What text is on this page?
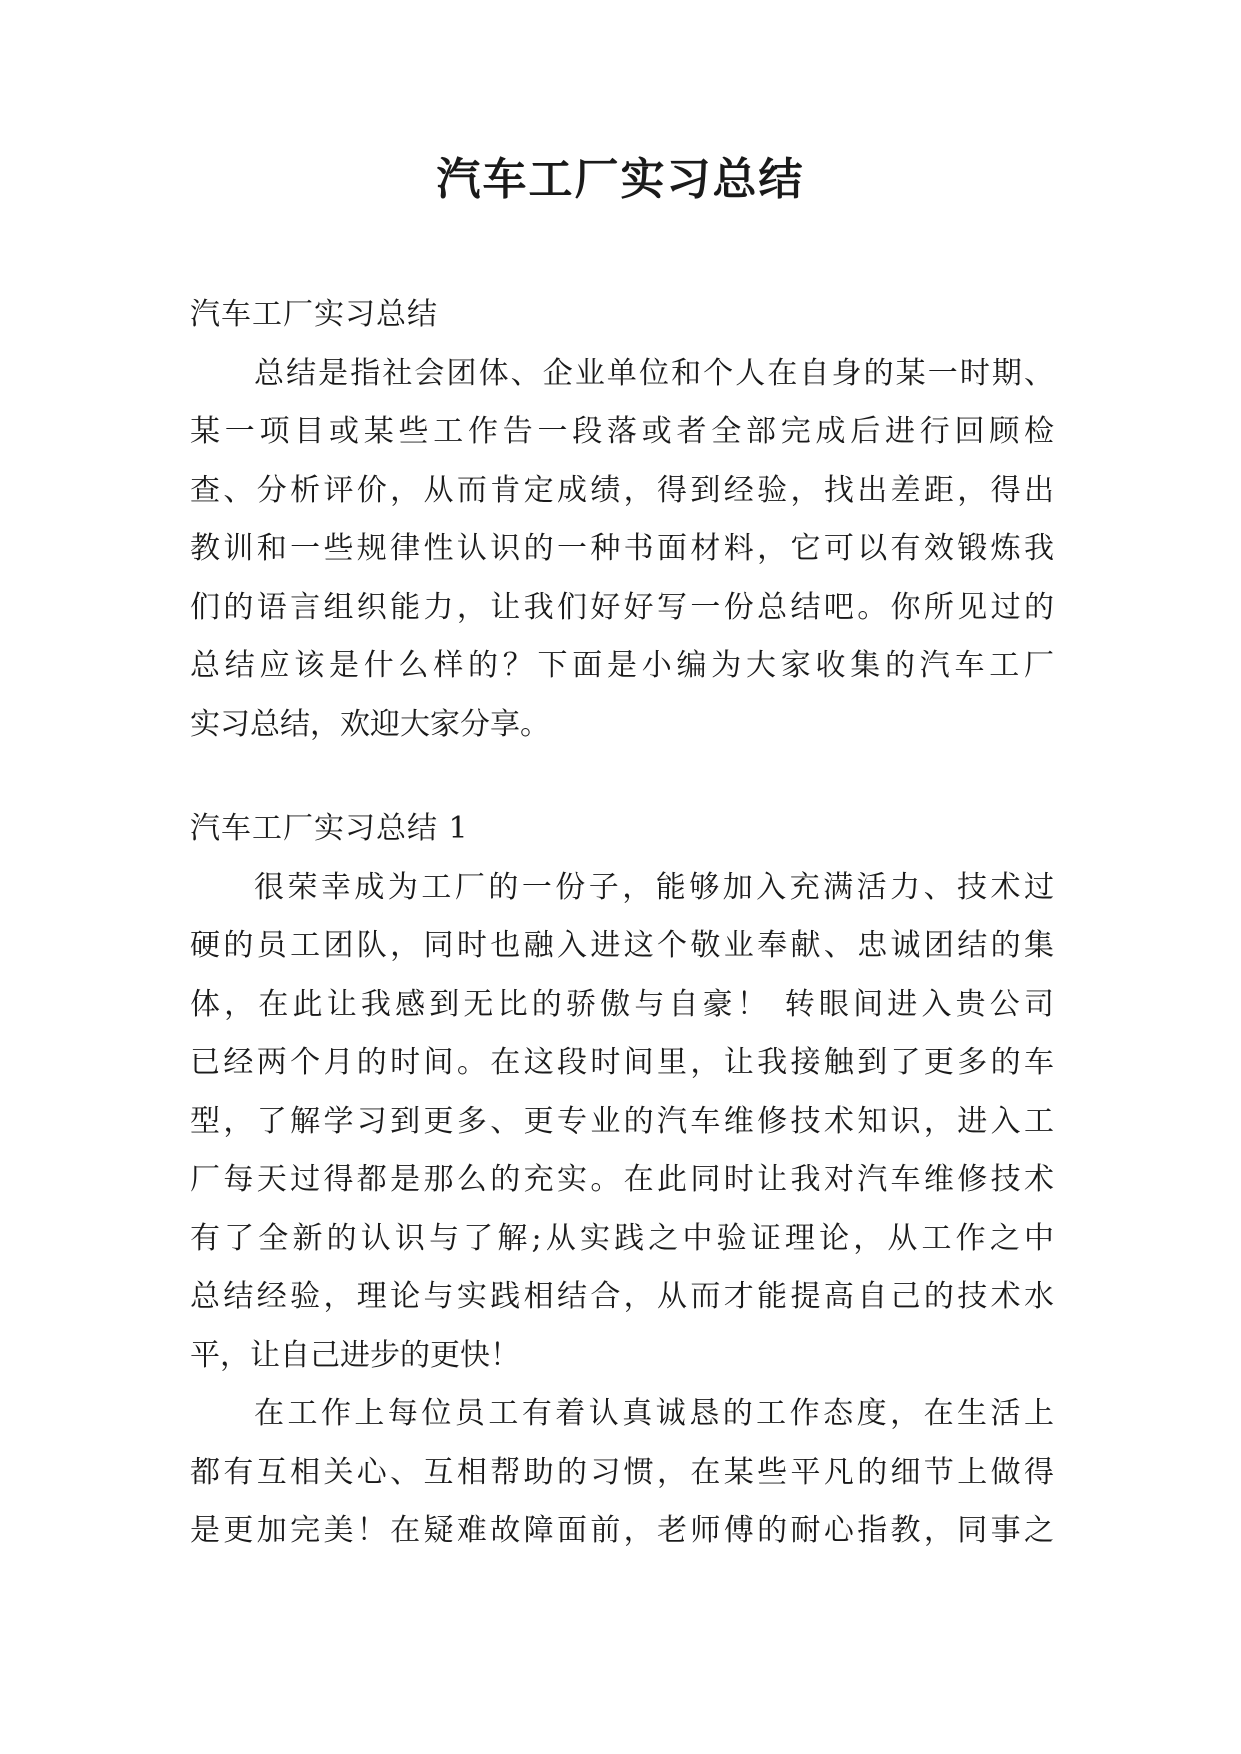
汽车工厂实习总结
汽车工厂实习总结
总结是指社会团体、企业单位和个人在自身的某一时期、
某一项目或某些工作告一段落或者全部完成后进行回顾检
查、分析评价，从而肯定成绩，得到经验，找出差距，得出
教训和一些规律性认识的一种书面材料，它可以有效锻炼我
们的语言组织能力，让我们好好写一份总结吧。你所见过的
总结应该是什么样的？下面是小编为大家收集的汽车工厂
实习总结，欢迎大家分享。
汽车工厂实习总结 1
很荣幸成为工厂的一份子，能够加入充满活力、技术过
硬的员工团队，同时也融入进这个敬业奉献、忠诚团结的集
体，在此让我感到无比的骄傲与自豪！ 转眼间进入贵公司
已经两个月的时间。在这段时间里，让我接触到了更多的车
型，了解学习到更多、更专业的汽车维修技术知识，进入工
厂每天过得都是那么的充实。在此同时让我对汽车维修技术
有了全新的认识与了解;从实践之中验证理论，从工作之中
总结经验，理论与实践相结合，从而才能提高自己的技术水
平，让自己进步的更快！
在工作上每位员工有着认真诚恳的工作态度，在生活上
都有互相关心、互相帮助的习惯，在某些平凡的细节上做得
是更加完美！在疑难故障面前，老师傅的耐心指教，同事之
